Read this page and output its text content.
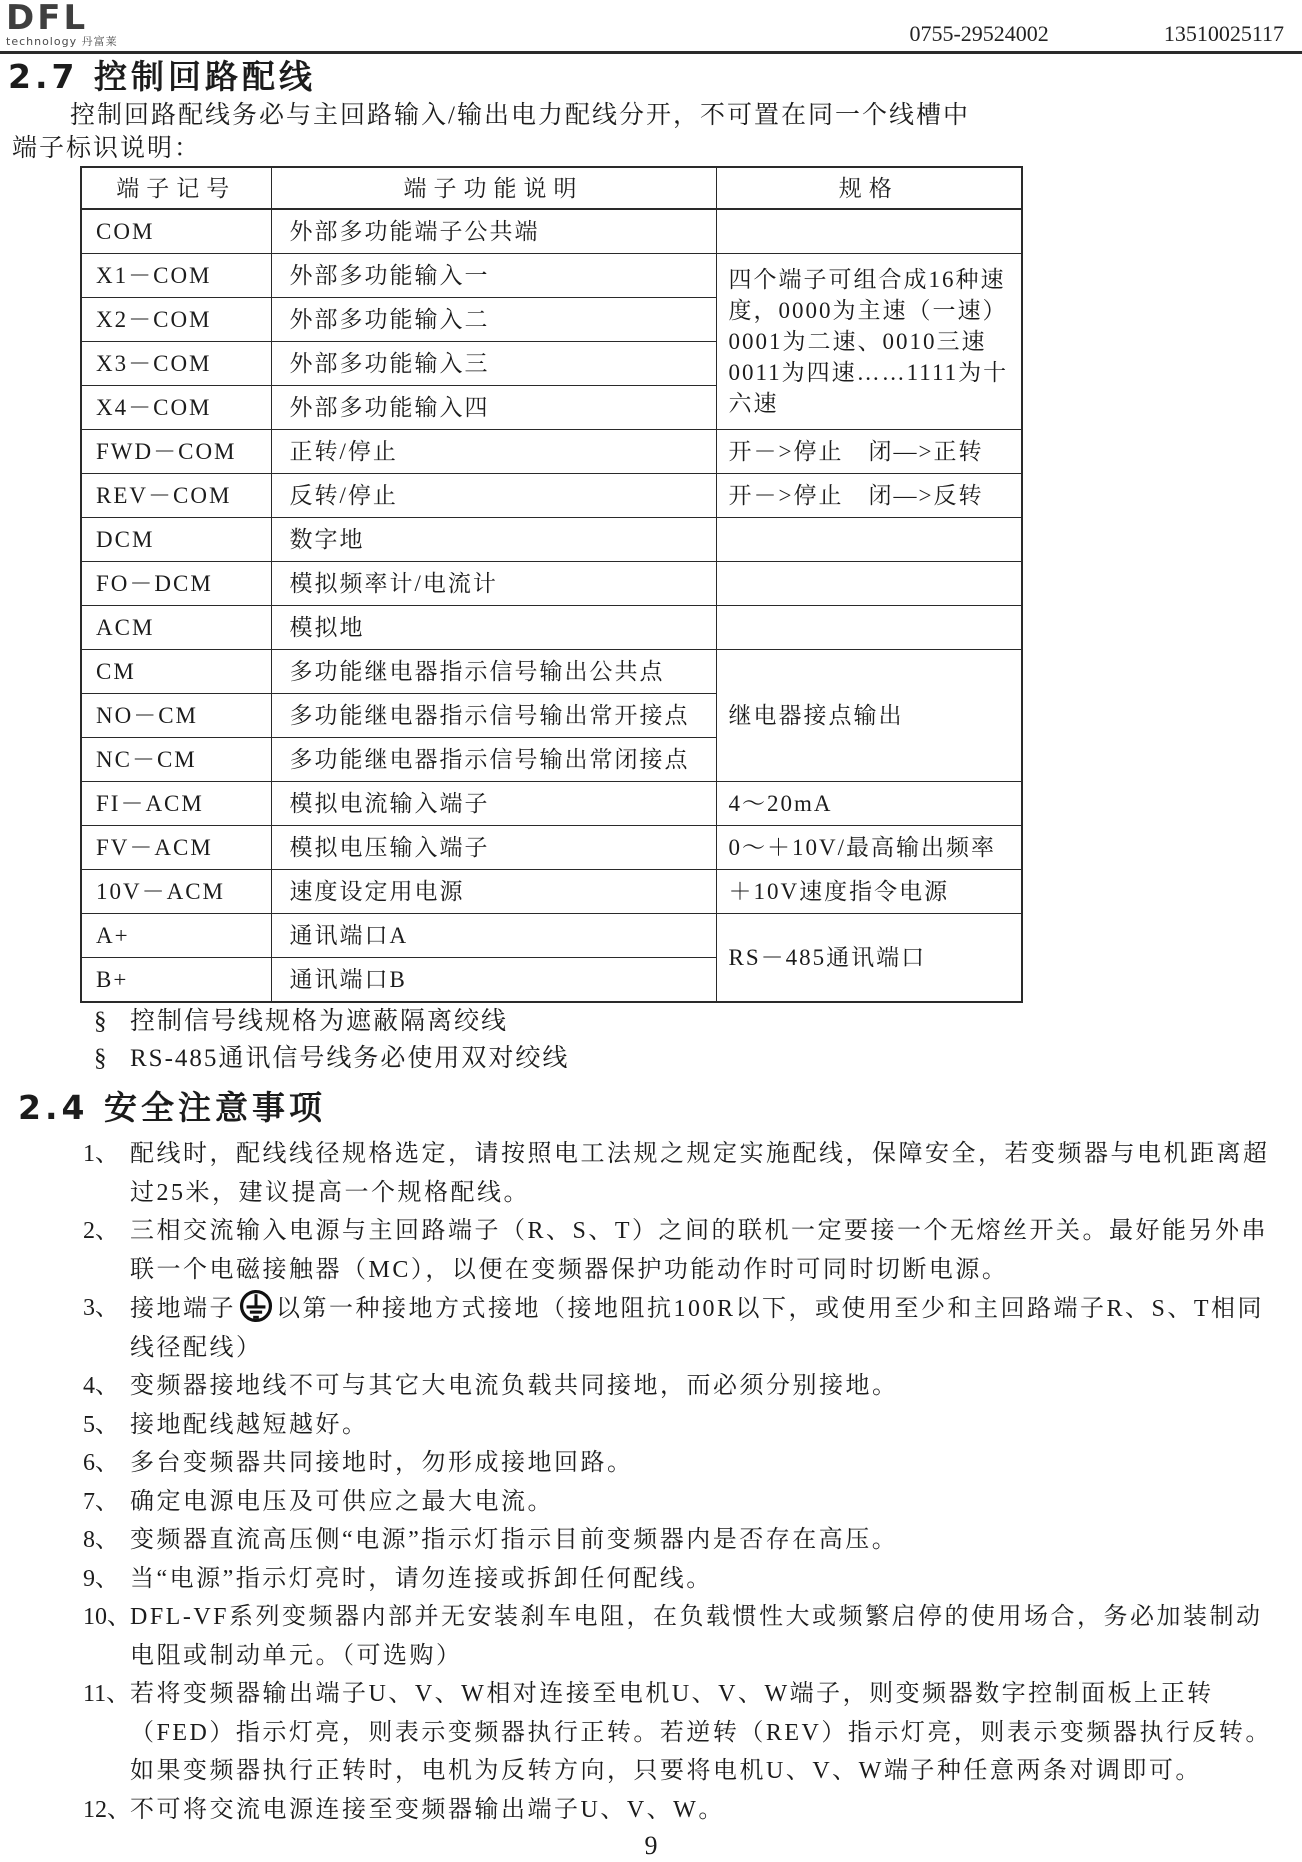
DFL
technology 丹富莱	0755-29524002	13510025117
2.7 控制回路配线
控制回路配线务必与主回路输入/输出电力配线分开，不可置在同一个线槽中
端子标识说明：
端子记号	端子功能说明	规格
COM	外部多功能端子公共端	
X1－COM	外部多功能输入一	四个端子可组合成16种速度，0000为主速（一速）0001为二速、0010三速 0011为四速……1111为十六速
X2－COM	外部多功能输入二	
X3－COM	外部多功能输入三	
X4－COM	外部多功能输入四	
FWD－COM	正转/停止	开－>停止　闭—>正转
REV－COM	反转/停止	开－>停止　闭—>反转
DCM	数字地	
FO－DCM	模拟频率计/电流计	
ACM	模拟地	
CM	多功能继电器指示信号输出公共点	继电器接点输出
NO－CM	多功能继电器指示信号输出常开接点	
NC－CM	多功能继电器指示信号输出常闭接点	
FI－ACM	模拟电流输入端子	4～20mA
FV－ACM	模拟电压输入端子	0～＋10V/最高输出频率
10V－ACM	速度设定用电源	＋10V速度指令电源
A+	通讯端口A	RS－485通讯端口
B+	通讯端口B	
§ 控制信号线规格为遮蔽隔离绞线
§ RS-485通讯信号线务必使用双对绞线
2.4 安全注意事项
1、 配线时，配线线径规格选定，请按照电工法规之规定实施配线，保障安全，若变频器与电机距离超过25米，建议提高一个规格配线。
2、 三相交流输入电源与主回路端子（R、S、T）之间的联机一定要接一个无熔丝开关。最好能另外串联一个电磁接触器（MC），以便在变频器保护功能动作时可同时切断电源。
3、 接地端子 以第一种接地方式接地（接地阻抗100R以下，或使用至少和主回路端子R、S、T相同线径配线）
4、 变频器接地线不可与其它大电流负载共同接地，而必须分别接地。
5、 接地配线越短越好。
6、 多台变频器共同接地时，勿形成接地回路。
7、 确定电源电压及可供应之最大电流。
8、 变频器直流高压侧“电源”指示灯指示目前变频器内是否存在高压。
9、 当“电源”指示灯亮时，请勿连接或拆卸任何配线。
10、 DFL-VF系列变频器内部并无安装刹车电阻，在负载惯性大或频繁启停的使用场合，务必加装制动电阻或制动单元。（可选购）
11、 若将变频器输出端子U、V、W相对连接至电机U、V、W端子，则变频器数字控制面板上正转（FED）指示灯亮，则表示变频器执行正转。若逆转（REV）指示灯亮，则表示变频器执行反转。如果变频器执行正转时，电机为反转方向，只要将电机U、V、W端子种任意两条对调即可。
12、 不可将交流电源连接至变频器输出端子U、V、W。
9
